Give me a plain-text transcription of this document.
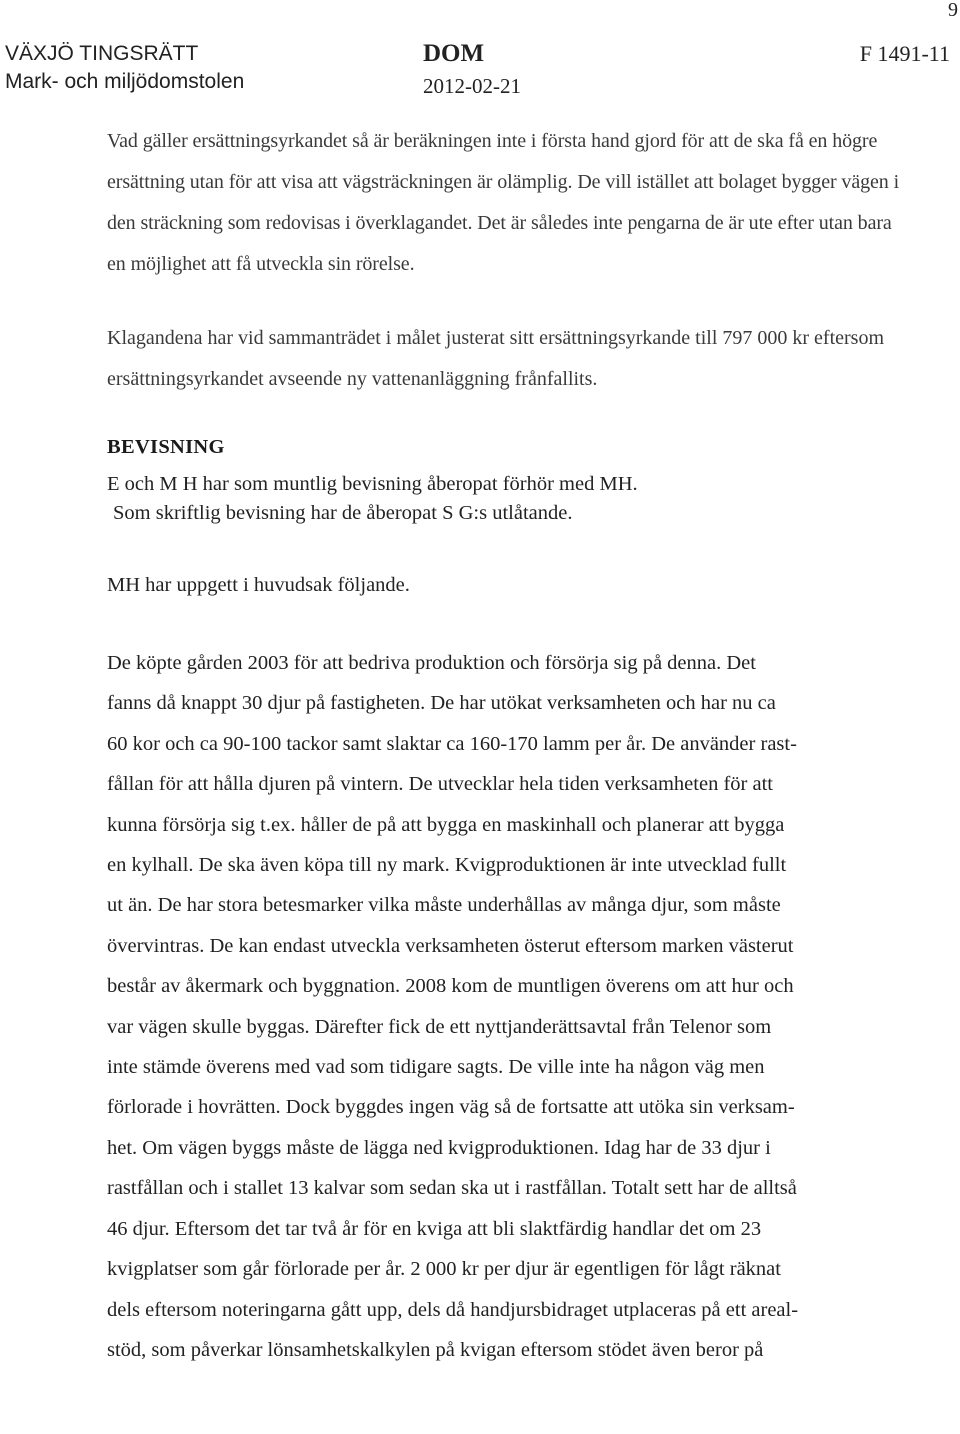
9
VÄXJÖ TINGSRÄTT
Mark- och miljödomstolen
DOM
2012-02-21
F 1491-11

Vad gäller ersättningsyrkandet så är beräkningen inte i första hand gjord för att de ska få en högre ersättning utan för att visa att vägsträckningen är olämplig. De vill istället att bolaget bygger vägen i den sträckning som redovisas i överklagandet. Det är således inte pengarna de är ute efter utan bara en möjlighet att få utveckla sin rörelse.

Klagandena har vid sammanträdet i målet justerat sitt ersättningsyrkande till 797 000 kr eftersom ersättningsyrkandet avseende ny vattenanläggning frånfallits.

BEVISNING

E och M H har som muntlig bevisning åberopat förhör med MH.

Som skriftlig bevisning har de åberopat S G:s utlåtande.

MH har uppgett i huvudsak följande.

De köpte gården 2003 för att bedriva produktion och försörja sig på denna. Det
fanns då knappt 30 djur på fastigheten. De har utökat verksamheten och har nu ca
60 kor och ca 90-100 tackor samt slaktar ca 160-170 lamm per år. De använder rast-
fållan för att hålla djuren på vintern. De utvecklar hela tiden verksamheten för att
kunna försörja sig t.ex. håller de på att bygga en maskinhall och planerar att bygga
en kylhall. De ska även köpa till ny mark. Kvigproduktionen är inte utvecklad fullt
ut än. De har stora betesmarker vilka måste underhållas av många djur, som måste
övervintras. De kan endast utveckla verksamheten österut eftersom marken västerut
består av åkermark och byggnation. 2008 kom de muntligen överens om att hur och
var vägen skulle byggas. Därefter fick de ett nyttjanderättsavtal från Telenor som
inte stämde överens med vad som tidigare sagts. De ville inte ha någon väg men
förlorade i hovrätten. Dock byggdes ingen väg så de fortsatte att utöka sin verksam-
het. Om vägen byggs måste de lägga ned kvigproduktionen. Idag har de 33 djur i
rastfållan och i stallet 13 kalvar som sedan ska ut i rastfållan. Totalt sett har de alltså
46 djur. Eftersom det tar två år för en kviga att bli slaktfärdig handlar det om 23
kvigplatser som går förlorade per år. 2 000 kr per djur är egentligen för lågt räknat
dels eftersom noteringarna gått upp, dels då handjursbidraget utplaceras på ett areal-
stöd, som påverkar lönsamhetskalkylen på kvigan eftersom stödet även beror på
